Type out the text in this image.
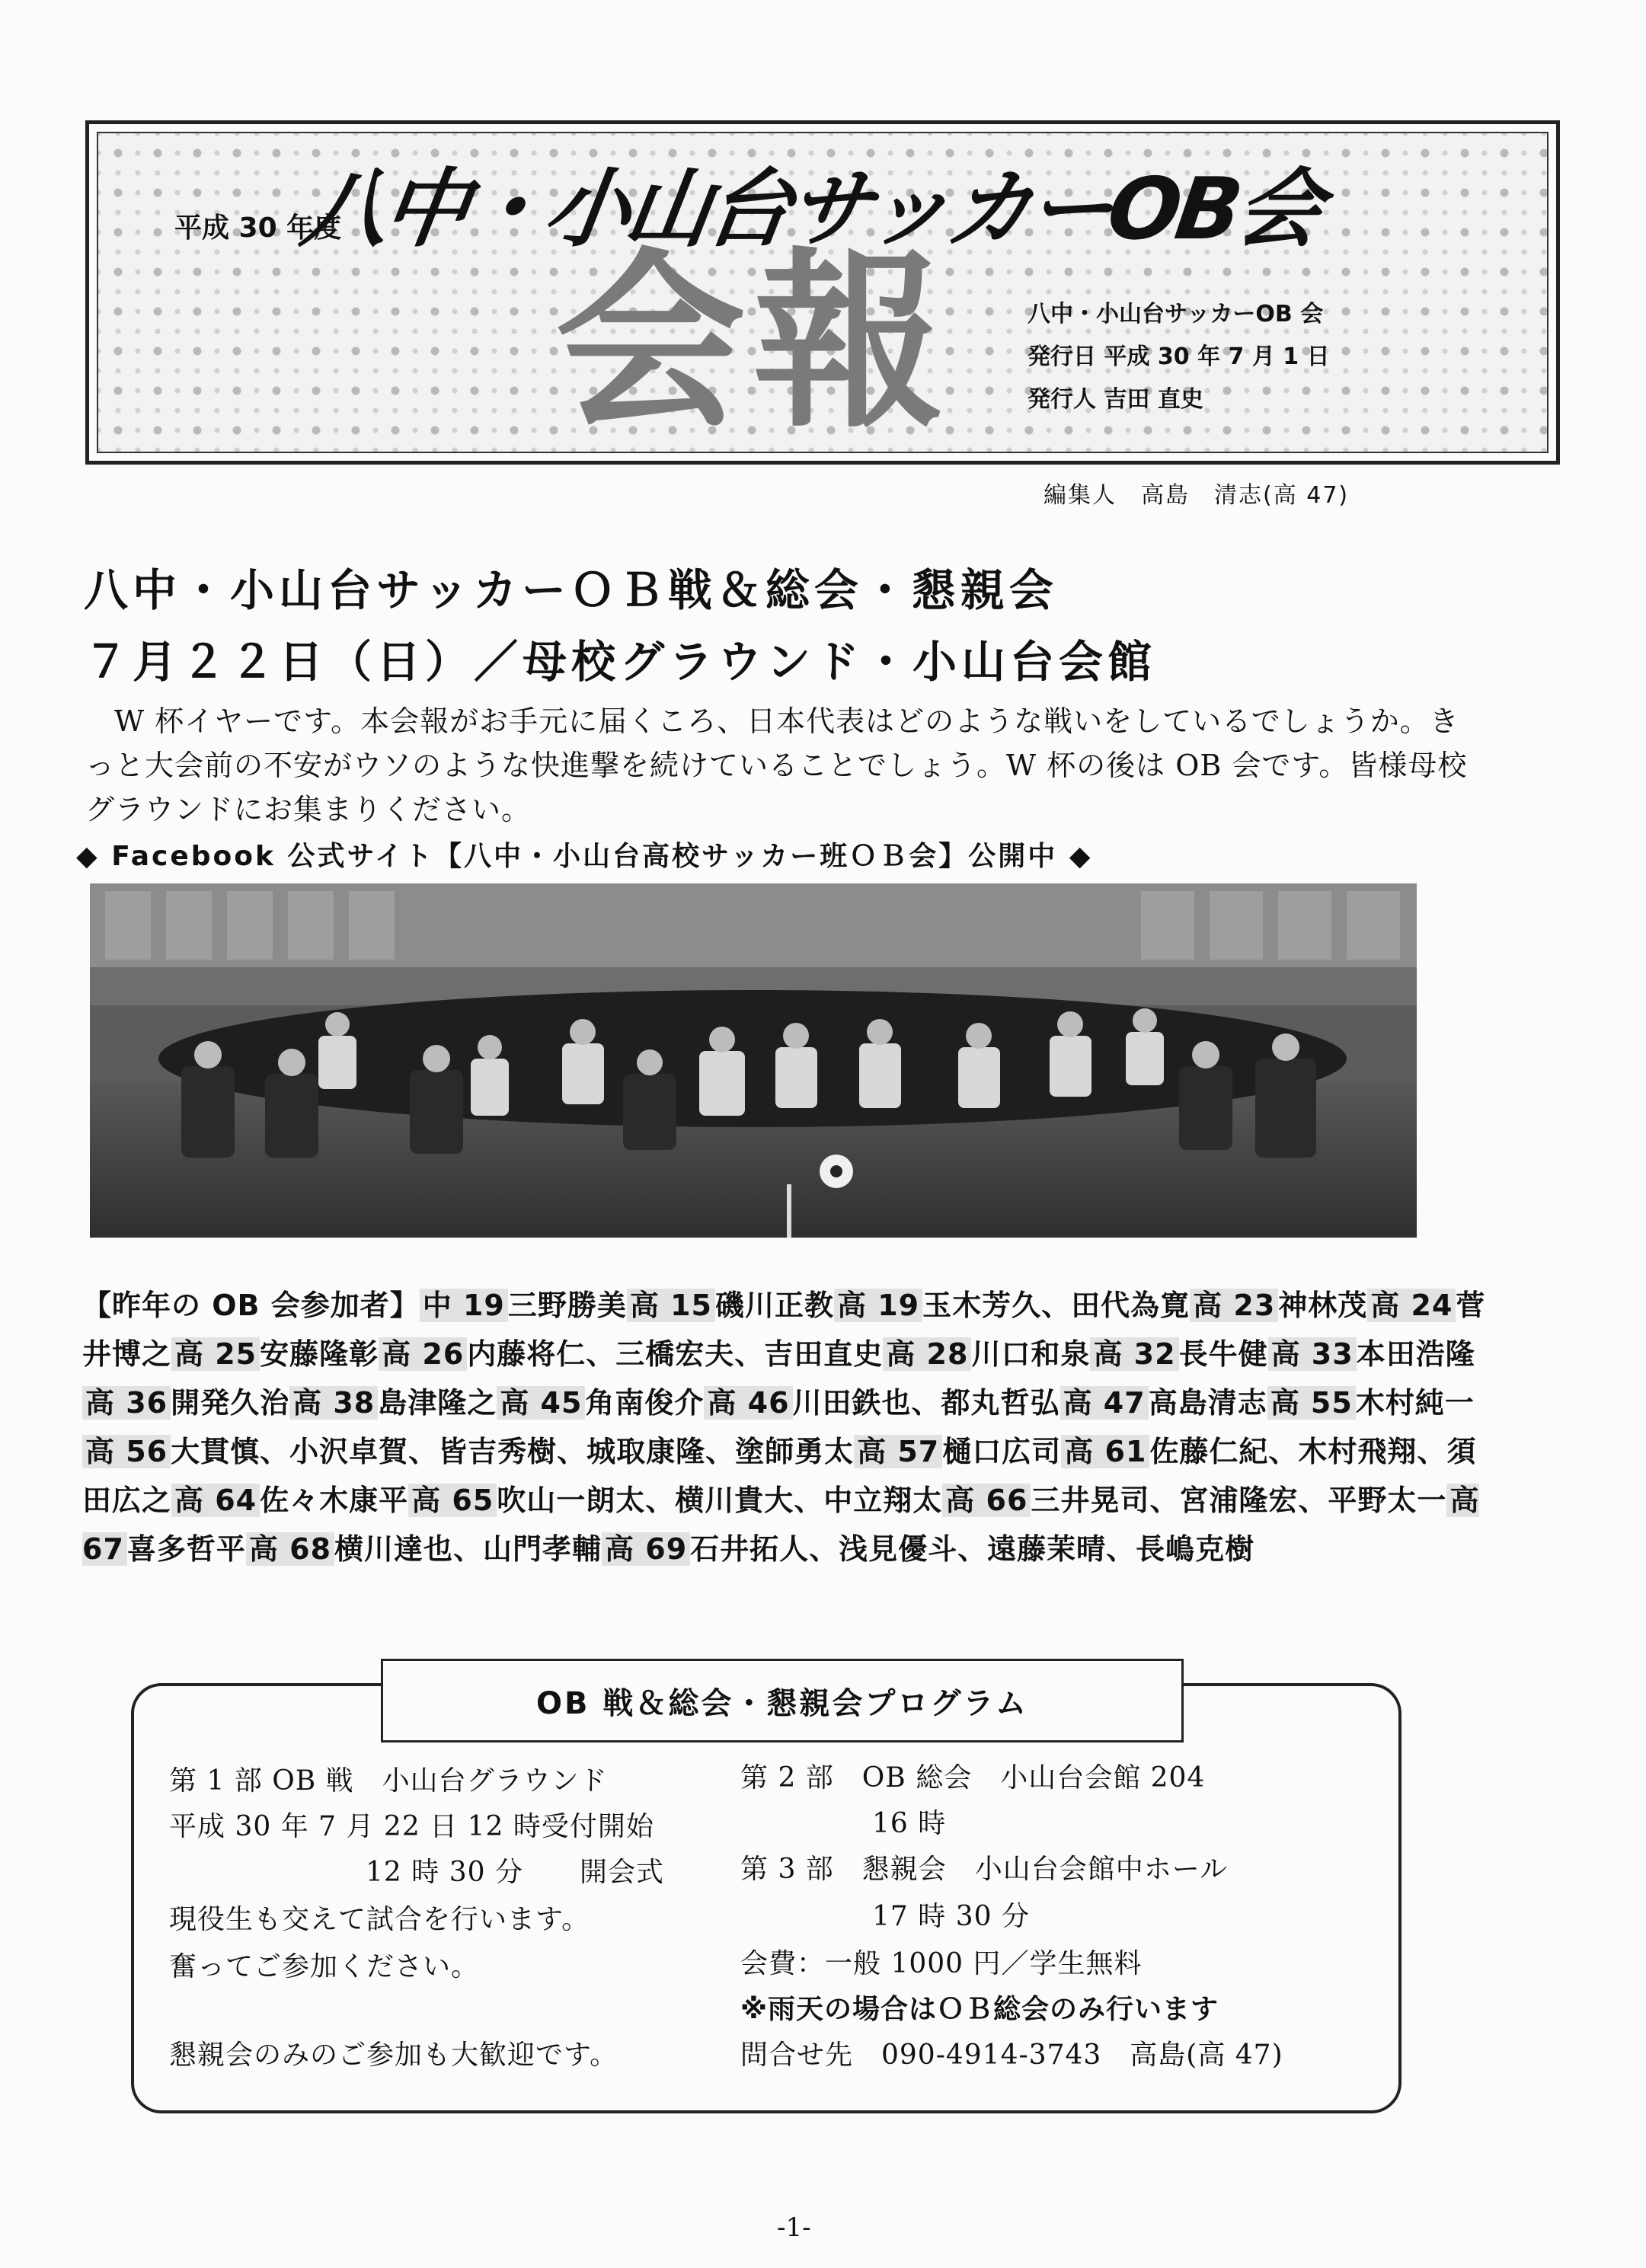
会報
平成 30 年度
八中・小山台サッカーOB会
八中・小山台サッカーOB 会
発行日 平成 30 年 7 月 1 日
発行人 吉田 直史
編集人　高島　清志(高 47)
八中・小山台サッカーＯＢ戦＆総会・懇親会
７月２２日（日）／母校グラウンド・小山台会館
W 杯イヤーです。本会報がお手元に届くころ、日本代表はどのような戦いをしているでしょうか。きっと大会前の不安がウソのような快進撃を続けていることでしょう。W 杯の後は OB 会です。皆様母校グラウンドにお集まりください。
◆ Facebook 公式サイト【八中・小山台高校サッカー班ＯＢ会】公開中 ◆
【昨年の OB 会参加者】 中 19 三野勝美 高 15 磯川正教 高 19 玉木芳久、田代為寛 高 23 神林茂 高 24 菅井博之 高 25 安藤隆彰 高 26 内藤将仁、三橋宏夫、吉田直史 高 28 川口和泉 高 32 長牛健 高 33 本田浩隆高 36 開発久治 高 38 島津隆之 高 45 角南俊介 高 46 川田鉄也、都丸哲弘 高 47 高島清志 高 55 木村純一高 56 大貫慎、小沢卓賀、皆吉秀樹、城取康隆、塗師勇太 高 57 樋口広司 高 61 佐藤仁紀、木村飛翔、須田広之 高 64 佐々木康平 高 65 吹山一朗太、横川貴大、中立翔太 高 66 三井晃司、宮浦隆宏、平野太一 高 67 喜多哲平 高 68 横川達也、山門孝輔 高 69 石井拓人、浅見優斗、遠藤茉晴、長嶋克樹
OB 戦＆総会・懇親会プログラム
第 1 部 OB 戦　小山台グラウンド
平成 30 年 7 月 22 日 12 時受付開始
12 時 30 分　　開会式
現役生も交えて試合を行います。
奮ってご参加ください。
懇親会のみのご参加も大歓迎です。
第 2 部　OB 総会　小山台会館 204
16 時
第 3 部　懇親会　小山台会館中ホール
17 時 30 分
会費：一般 1000 円／学生無料
※雨天の場合はＯＢ総会のみ行います
問合せ先　090-4914-3743　高島(高 47)
-1-
